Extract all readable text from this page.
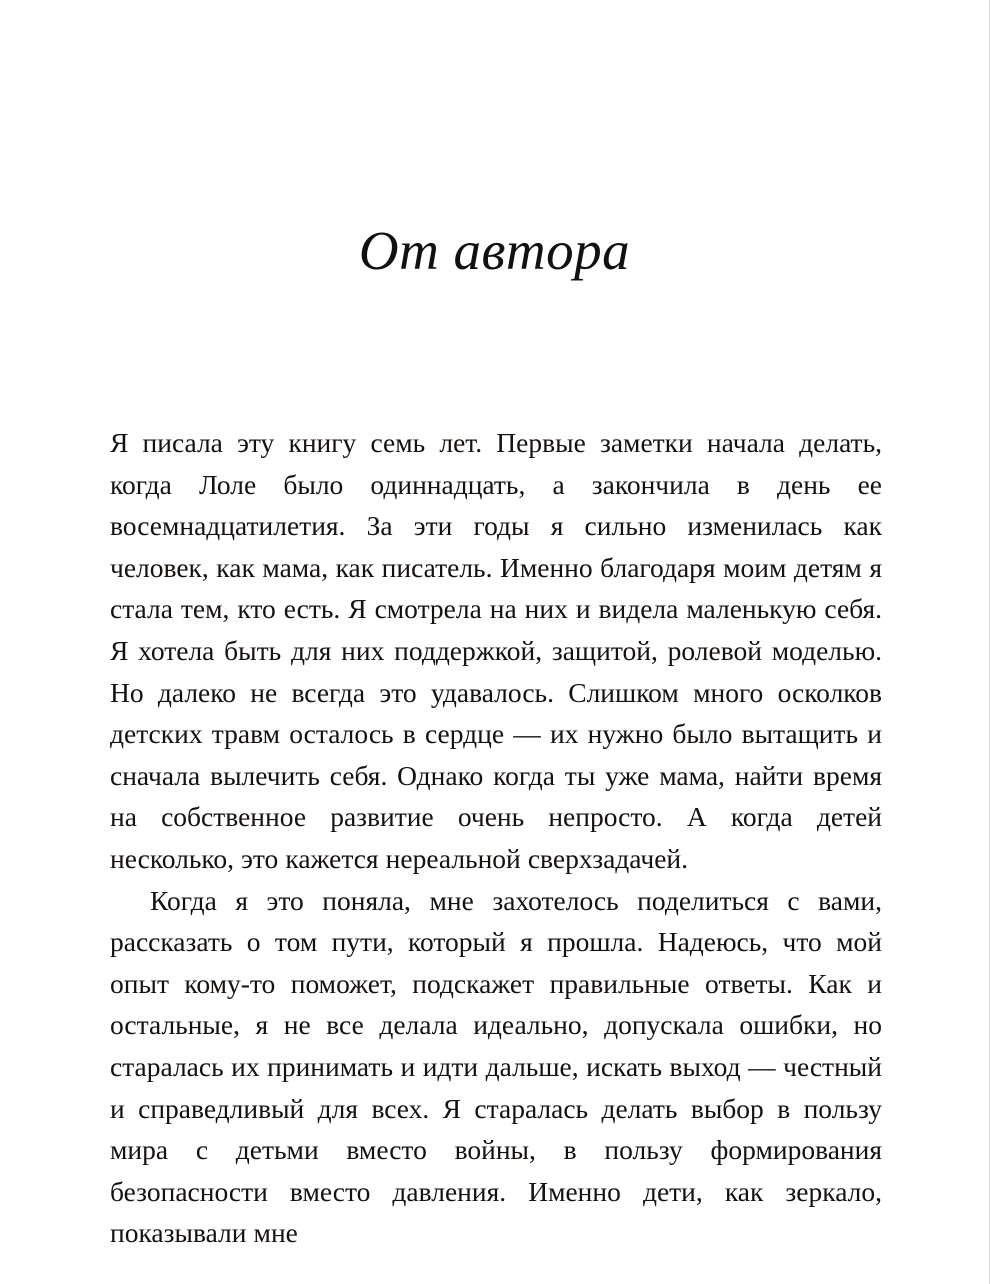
От автора

Я писала эту книгу семь лет. Первые заметки начала делать, когда Лоле было одиннадцать, а закончила в день ее восемнадцатилетия. За эти годы я сильно изменилась как человек, как мама, как писатель. Именно благодаря моим детям я стала тем, кто есть. Я смотрела на них и видела маленькую себя. Я хотела быть для них поддержкой, защитой, ролевой моделью. Но далеко не всегда это удавалось. Слишком много осколков детских травм осталось в сердце — их нужно было вытащить и сначала вылечить себя. Однако когда ты уже мама, найти время на собственное развитие очень непросто. А когда детей несколько, это кажется нереальной сверхзадачей.

Когда я это поняла, мне захотелось поделиться с вами, рассказать о том пути, который я прошла. Надеюсь, что мой опыт кому-то поможет, подскажет правильные ответы. Как и остальные, я не все делала идеально, допускала ошибки, но старалась их принимать и идти дальше, искать выход — честный и справедливый для всех. Я старалась делать выбор в пользу мира с детьми вместо войны, в пользу формирования безопасности вместо давления. Именно дети, как зеркало, показывали мне
